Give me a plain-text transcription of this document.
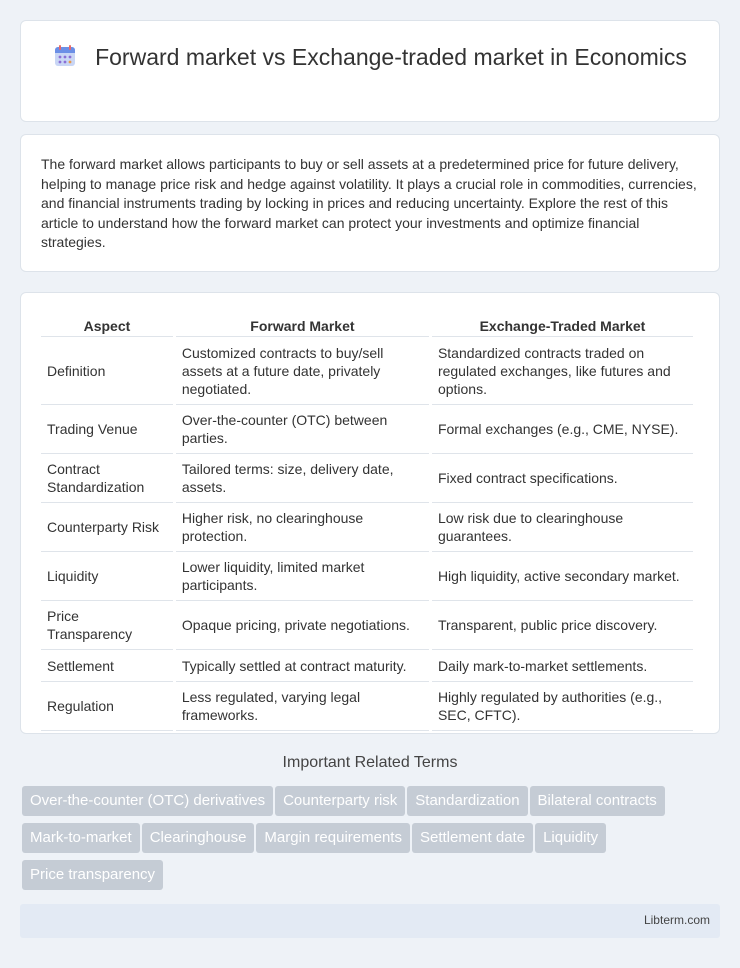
Forward market vs Exchange-traded market in Economics

The forward market allows participants to buy or sell assets at a predetermined price for future delivery, helping to manage price risk and hedge against volatility. It plays a crucial role in commodities, currencies, and financial instruments trading by locking in prices and reducing uncertainty. Explore the rest of this article to understand how the forward market can protect your investments and optimize financial strategies.

Aspect	Forward Market	Exchange-Traded Market
Definition	Customized contracts to buy/sell assets at a future date, privately negotiated.	Standardized contracts traded on regulated exchanges, like futures and options.
Trading Venue	Over-the-counter (OTC) between parties.	Formal exchanges (e.g., CME, NYSE).
Contract Standardization	Tailored terms: size, delivery date, assets.	Fixed contract specifications.
Counterparty Risk	Higher risk, no clearinghouse protection.	Low risk due to clearinghouse guarantees.
Liquidity	Lower liquidity, limited market participants.	High liquidity, active secondary market.
Price Transparency	Opaque pricing, private negotiations.	Transparent, public price discovery.
Settlement	Typically settled at contract maturity.	Daily mark-to-market settlements.
Regulation	Less regulated, varying legal frameworks.	Highly regulated by authorities (e.g., SEC, CFTC).
Important Related Terms
Over-the-counter (OTC) derivatives Counterparty risk Standardization Bilateral contractsMark-to-market Clearinghouse Margin requirements Settlement date LiquidityPrice transparency
Libterm.com
